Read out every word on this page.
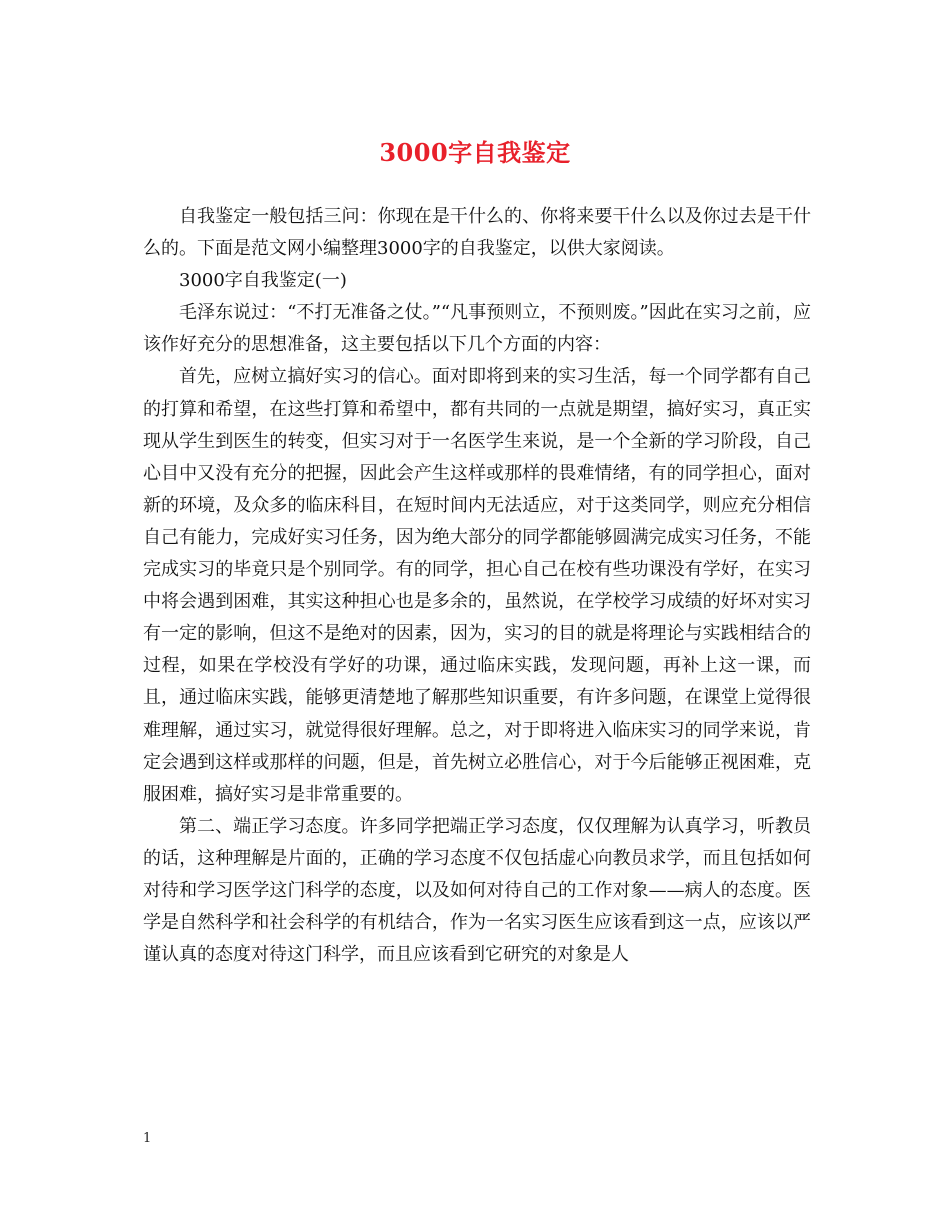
3000字自我鉴定

自我鉴定一般包括三问：你现在是干什么的、你将来要干什么以及你过去是干什么的。下面是范文网小编整理3000字的自我鉴定，以供大家阅读。

3000字自我鉴定(一)

毛泽东说过：“不打无准备之仗。”“凡事预则立，不预则废。”因此在实习之前，应该作好充分的思想准备，这主要包括以下几个方面的内容：

首先，应树立搞好实习的信心。面对即将到来的实习生活，每一个同学都有自己的打算和希望，在这些打算和希望中，都有共同的一点就是期望，搞好实习，真正实现从学生到医生的转变，但实习对于一名医学生来说，是一个全新的学习阶段，自己心目中又没有充分的把握，因此会产生这样或那样的畏难情绪，有的同学担心，面对新的环境，及众多的临床科目，在短时间内无法适应，对于这类同学，则应充分相信自己有能力，完成好实习任务，因为绝大部分的同学都能够圆满完成实习任务，不能完成实习的毕竟只是个别同学。有的同学，担心自己在校有些功课没有学好，在实习中将会遇到困难，其实这种担心也是多余的，虽然说，在学校学习成绩的好坏对实习有一定的影响，但这不是绝对的因素，因为，实习的目的就是将理论与实践相结合的过程，如果在学校没有学好的功课，通过临床实践，发现问题，再补上这一课，而且，通过临床实践，能够更清楚地了解那些知识重要，有许多问题，在课堂上觉得很难理解，通过实习，就觉得很好理解。总之，对于即将进入临床实习的同学来说，肯定会遇到这样或那样的问题，但是，首先树立必胜信心，对于今后能够正视困难，克服困难，搞好实习是非常重要的。

第二、端正学习态度。许多同学把端正学习态度，仅仅理解为认真学习，听教员的话，这种理解是片面的，正确的学习态度不仅包括虚心向教员求学，而且包括如何对待和学习医学这门科学的态度，以及如何对待自己的工作对象——病人的态度。医学是自然科学和社会科学的有机结合，作为一名实习医生应该看到这一点，应该以严谨认真的态度对待这门科学，而且应该看到它研究的对象是人

1
